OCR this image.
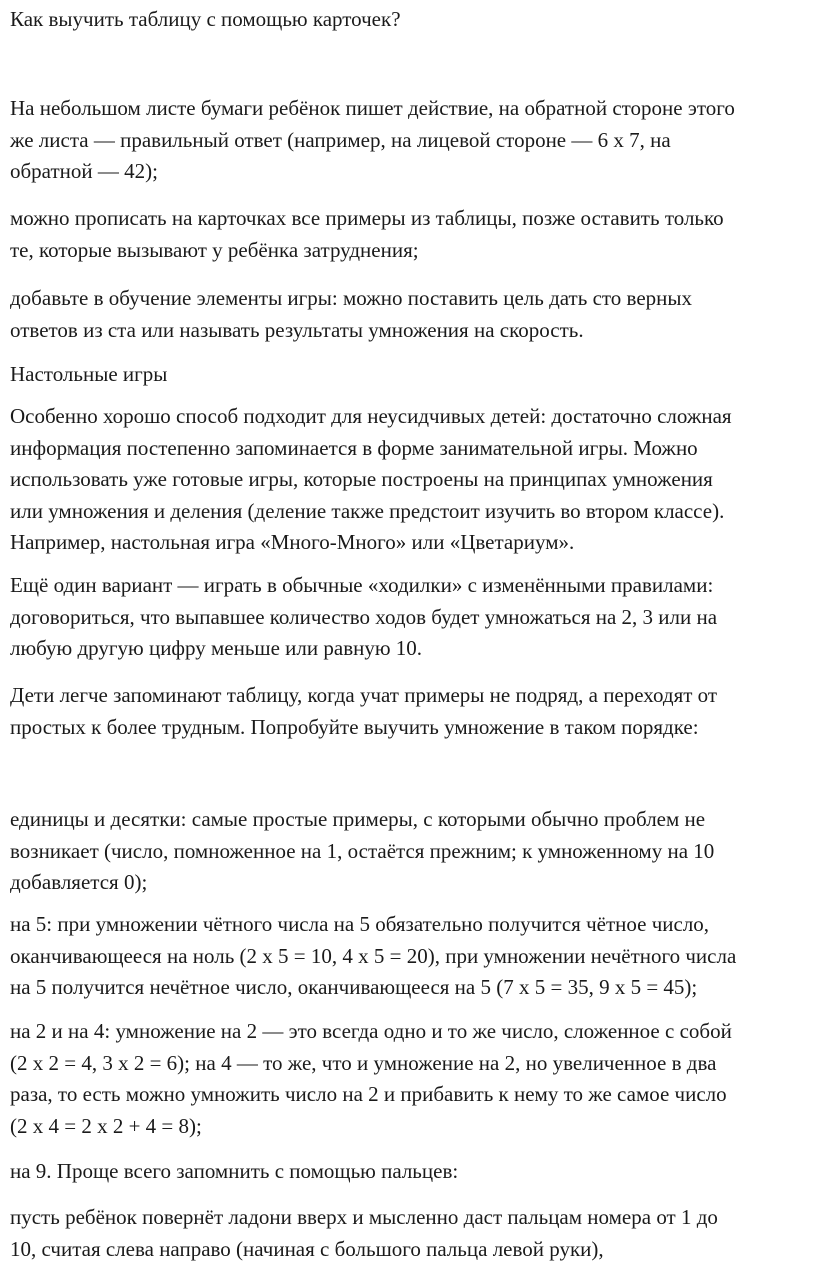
Как выучить таблицу с помощью карточек?

На небольшом листе бумаги ребёнок пишет действие, на обратной стороне этого
же листа — правильный ответ (например, на лицевой стороне — 6 х 7, на
обратной — 42);
можно прописать на карточках все примеры из таблицы, позже оставить только
те, которые вызывают у ребёнка затруднения;
добавьте в обучение элементы игры: можно поставить цель дать сто верных
ответов из ста или называть результаты умножения на скорость.
Настольные игры
Особенно хорошо способ подходит для неусидчивых детей: достаточно сложная
информация постепенно запоминается в форме занимательной игры. Можно
использовать уже готовые игры, которые построены на принципах умножения
или умножения и деления (деление также предстоит изучить во втором классе).
Например, настольная игра «Много-Много» или «Цветариум».
Ещё один вариант — играть в обычные «ходилки» с изменёнными правилами:
договориться, что выпавшее количество ходов будет умножаться на 2, 3 или на
любую другую цифру меньше или равную 10.
Дети легче запоминают таблицу, когда учат примеры не подряд, а переходят от
простых к более трудным. Попробуйте выучить умножение в таком порядке:
единицы и десятки: самые простые примеры, с которыми обычно проблем не
возникает (число, помноженное на 1, остаётся прежним; к умноженному на 10
добавляется 0);
на 5: при умножении чётного числа на 5 обязательно получится чётное число,
оканчивающееся на ноль (2 х 5 = 10, 4 х 5 = 20), при умножении нечётного числа
на 5 получится нечётное число, оканчивающееся на 5 (7 х 5 = 35, 9 х 5 = 45);
на 2 и на 4: умножение на 2 — это всегда одно и то же число, сложенное с собой
(2 х 2 = 4, 3 х 2 = 6); на 4 — то же, что и умножение на 2, но увеличенное в два
раза, то есть можно умножить число на 2 и прибавить к нему то же самое число
(2 х 4 = 2 х 2 + 4 = 8);
на 9. Проще всего запомнить с помощью пальцев:
пусть ребёнок повернёт ладони вверх и мысленно даст пальцам номера от 1 до
10, считая слева направо (начиная с большого пальца левой руки),
